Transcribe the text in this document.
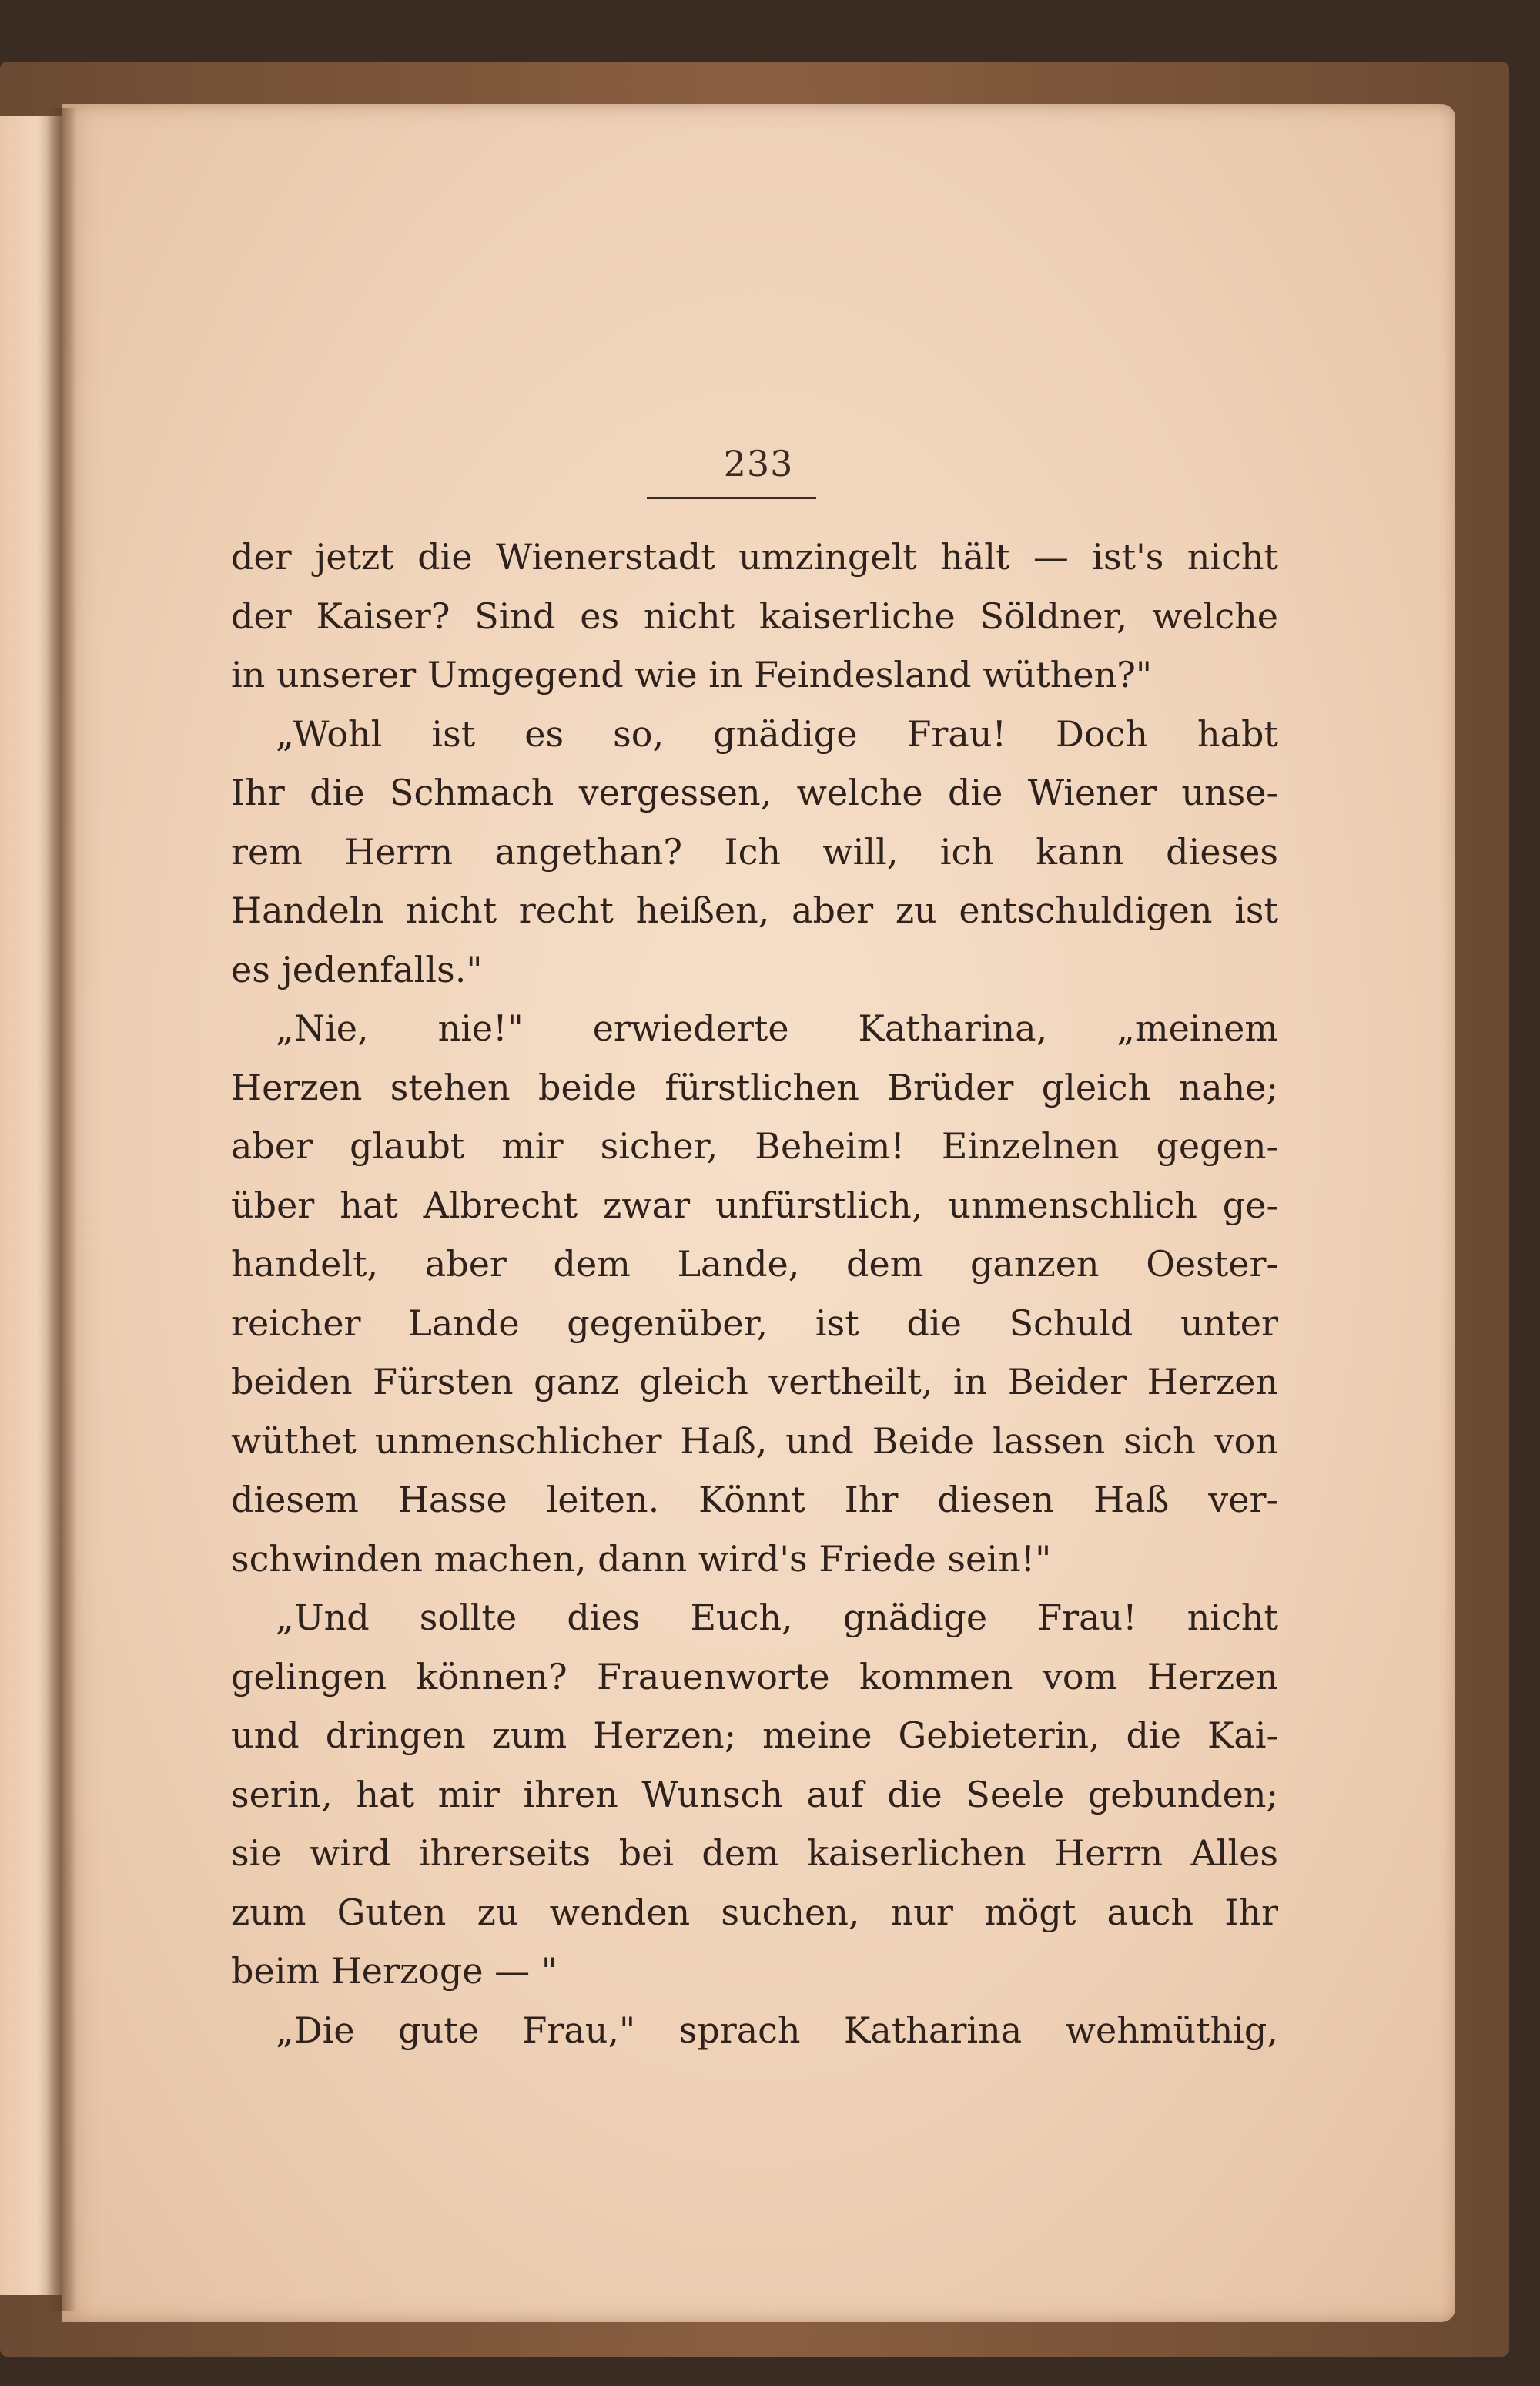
233
der jetzt die Wienerstadt umzingelt hält — ist's nicht
der Kaiser? Sind es nicht kaiserliche Söldner, welche
in unserer Umgegend wie in Feindesland wüthen?"
„Wohl ist es so, gnädige Frau! Doch habt
Ihr die Schmach vergessen, welche die Wiener unse-
rem Herrn angethan? Ich will, ich kann dieses
Handeln nicht recht heißen, aber zu entschuldigen ist
es jedenfalls."
„Nie, nie!" erwiederte Katharina, „meinem
Herzen stehen beide fürstlichen Brüder gleich nahe;
aber glaubt mir sicher, Beheim! Einzelnen gegen-
über hat Albrecht zwar unfürstlich, unmenschlich ge-
handelt, aber dem Lande, dem ganzen Oester-
reicher Lande gegenüber, ist die Schuld unter
beiden Fürsten ganz gleich vertheilt, in Beider Herzen
wüthet unmenschlicher Haß, und Beide lassen sich von
diesem Hasse leiten. Könnt Ihr diesen Haß ver-
schwinden machen, dann wird's Friede sein!"
„Und sollte dies Euch, gnädige Frau! nicht
gelingen können? Frauenworte kommen vom Herzen
und dringen zum Herzen; meine Gebieterin, die Kai-
serin, hat mir ihren Wunsch auf die Seele gebunden;
sie wird ihrerseits bei dem kaiserlichen Herrn Alles
zum Guten zu wenden suchen, nur mögt auch Ihr
beim Herzoge — "
„Die gute Frau," sprach Katharina wehmüthig,
